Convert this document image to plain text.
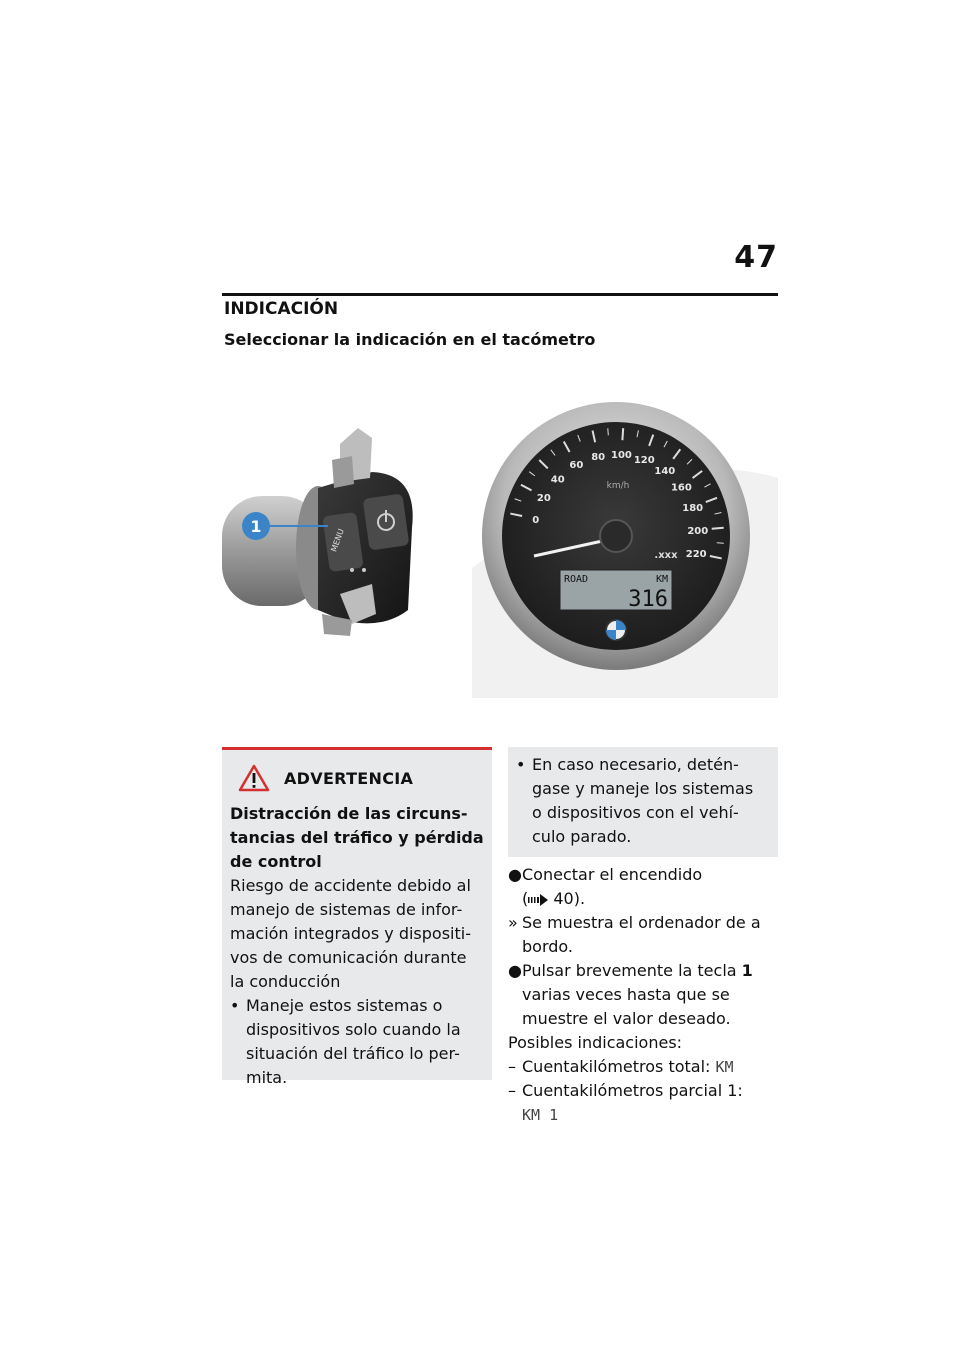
47
INDICACIÓN
Seleccionar la indicación en el tacómetro
MENU
1	0
20
40
60
80 100 120
140
160
180
200
220
km/h
.xxx
ROAD	KM
316
ADVERTENCIA
Distracción de las circuns-
tancias del tráfico y pérdida
de control
Riesgo de accidente debido al
manejo de sistemas de infor-
mación integrados y dispositi-
vos de comunicación durante
la conducción
• Maneje estos sistemas o
dispositivos solo cuando la
situación del tráfico lo per-
mita.
• En caso necesario, detén-
gase y maneje los sistemas
o dispositivos con el vehí-
culo parado.
● Conectar el encendido
( 40).
» Se muestra el ordenador de a
bordo.
● Pulsar brevemente la tecla 1
varias veces hasta que se
muestre el valor deseado.
Posibles indicaciones:
– Cuentakilómetros total: KM
– Cuentakilómetros parcial 1:
KM 1
